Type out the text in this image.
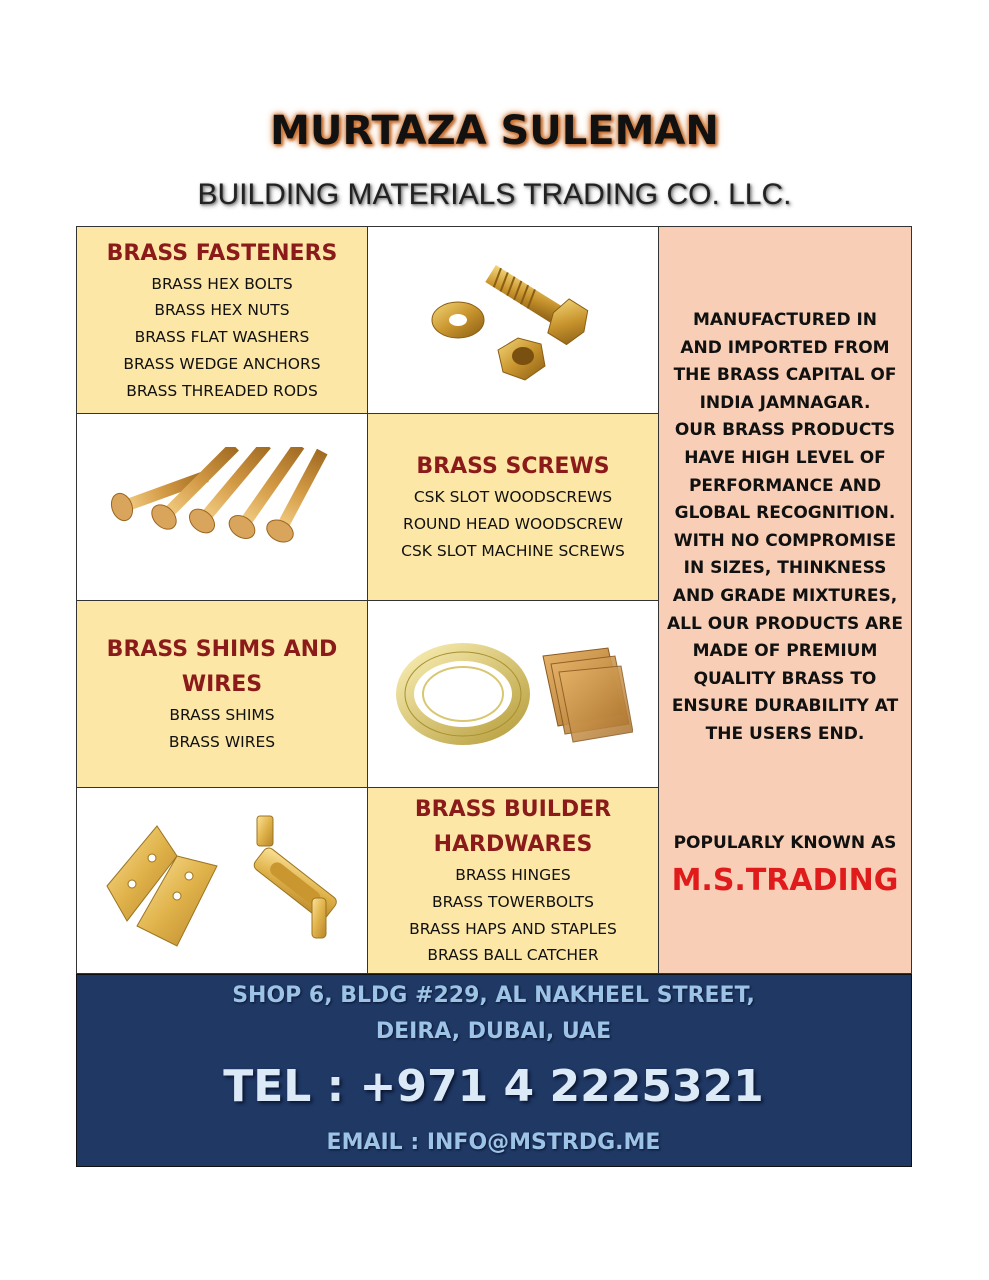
MURTAZA SULEMAN
BUILDING MATERIALS TRADING CO. LLC.
BRASS FASTENERS
BRASS HEX BOLTS
BRASS HEX NUTS
BRASS FLAT WASHERS
BRASS WEDGE ANCHORS
BRASS THREADED RODS
BRASS SCREWS
CSK SLOT WOODSCREWS
ROUND HEAD WOODSCREW
CSK SLOT MACHINE SCREWS
BRASS SHIMS AND
WIRES
BRASS SHIMS
BRASS WIRES
BRASS BUILDER
HARDWARES
BRASS HINGES
BRASS TOWERBOLTS
BRASS HAPS AND STAPLES
BRASS BALL CATCHER
MANUFACTURED IN
AND IMPORTED FROM
THE BRASS CAPITAL OF
INDIA JAMNAGAR.
OUR BRASS PRODUCTS
HAVE HIGH LEVEL OF
PERFORMANCE AND
GLOBAL RECOGNITION.
WITH NO COMPROMISE
IN SIZES, THINKNESS
AND GRADE MIXTURES,
ALL OUR PRODUCTS ARE
MADE OF PREMIUM
QUALITY BRASS TO
ENSURE DURABILITY AT
THE USERS END.
POPULARLY KNOWN AS
M.S.TRADING
SHOP 6, BLDG #229, AL NAKHEEL STREET,
DEIRA, DUBAI, UAE
TEL : +971 4 2225321
EMAIL : INFO@MSTRDG.ME
